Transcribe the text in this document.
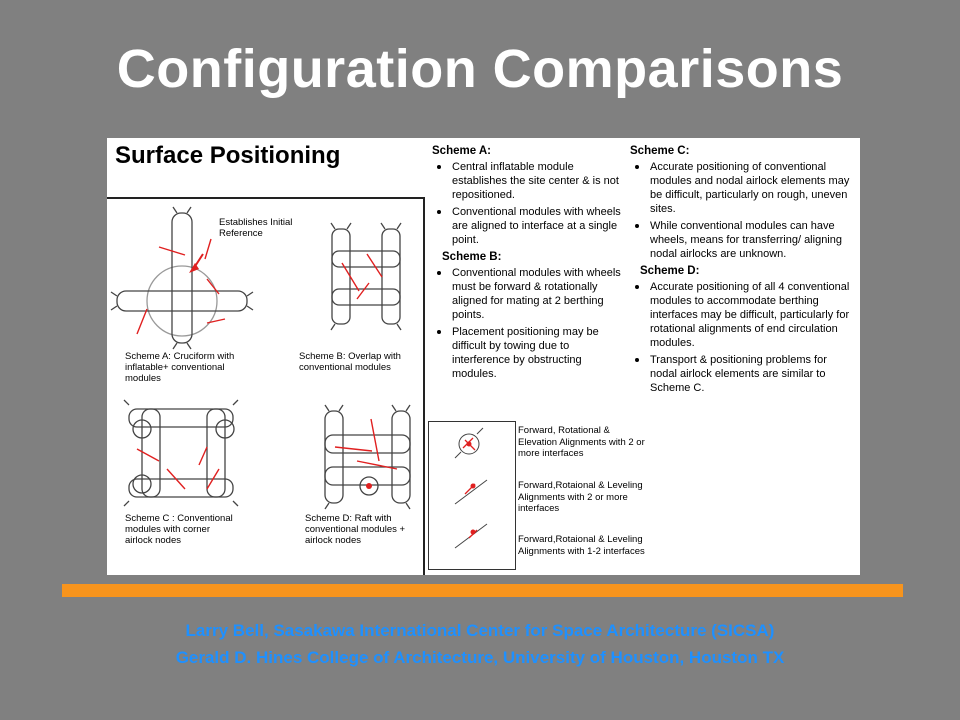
Configuration Comparisons
Surface Positioning
Establishes Initial
Reference
Scheme A: Cruciform with
inflatable+ conventional
modules
Scheme B: Overlap with
conventional modules
Scheme C : Conventional
modules with corner
airlock nodes
Scheme D: Raft with
conventional modules +
airlock nodes
Scheme A:
Central inflatable module establishes the site center & is not repositioned.
Conventional modules with wheels are aligned to interface at a single point.
Scheme B:
Conventional modules with wheels must be forward & rotationally aligned for mating at 2 berthing points.
Placement positioning may be difficult by towing due to interference by obstructing modules.
Scheme C:
Accurate positioning of conventional modules and nodal airlock elements may be difficult, particularly on rough, uneven sites.
While conventional modules can have wheels, means for transferring/ aligning nodal airlocks are unknown.
Scheme D:
Accurate positioning of all 4 conventional modules to accommodate berthing interfaces may be difficult, particularly for rotational alignments of end circulation modules.
Transport & positioning problems for nodal airlock elements are similar to Scheme C.
Forward, Rotational & Elevation Alignments with 2 or more interfaces
Forward,Rotaional & Leveling Alignments with 2 or more interfaces
Forward,Rotaional & Leveling Alignments with 1-2 interfaces
Larry Bell, Sasakawa International Center for Space Architecture (SICSA)
Gerald D. Hines College of Architecture, University of Houston, Houston TX
